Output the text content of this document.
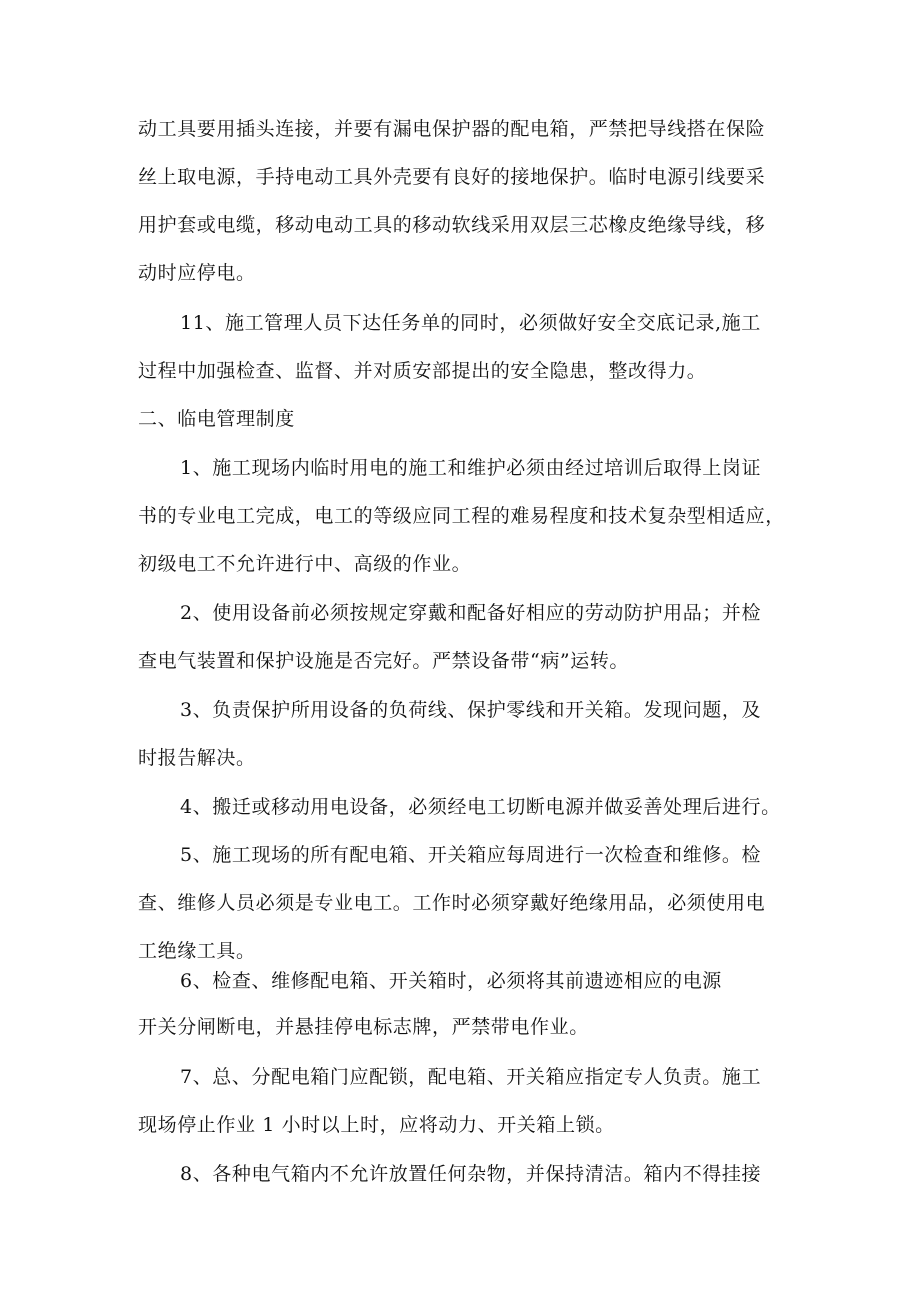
动工具要用插头连接，并要有漏电保护器的配电箱，严禁把导线搭在保险
丝上取电源，手持电动工具外壳要有良好的接地保护。临时电源引线要采
用护套或电缆，移动电动工具的移动软线采用双层三芯橡皮绝缘导线，移
动时应停电。
11、施工管理人员下达任务单的同时，必须做好安全交底记录,施工
过程中加强检查、监督、并对质安部提出的安全隐患，整改得力。
二、临电管理制度
1、施工现场内临时用电的施工和维护必须由经过培训后取得上岗证
书的专业电工完成，电工的等级应同工程的难易程度和技术复杂型相适应，
初级电工不允许进行中、高级的作业。
2、使用设备前必须按规定穿戴和配备好相应的劳动防护用品；并检
查电气装置和保护设施是否完好。严禁设备带“病”运转。
3、负责保护所用设备的负荷线、保护零线和开关箱。发现问题，及
时报告解决。
4、搬迁或移动用电设备，必须经电工切断电源并做妥善处理后进行。
5、施工现场的所有配电箱、开关箱应每周进行一次检查和维修。检
查、维修人员必须是专业电工。工作时必须穿戴好绝缘用品，必须使用电
工绝缘工具。
6、检查、维修配电箱、开关箱时，必须将其前遗迹相应的电源
开关分闸断电，并悬挂停电标志牌，严禁带电作业。
7、总、分配电箱门应配锁，配电箱、开关箱应指定专人负责。施工
现场停止作业 1 小时以上时，应将动力、开关箱上锁。
8、各种电气箱内不允许放置任何杂物，并保持清洁。箱内不得挂接
